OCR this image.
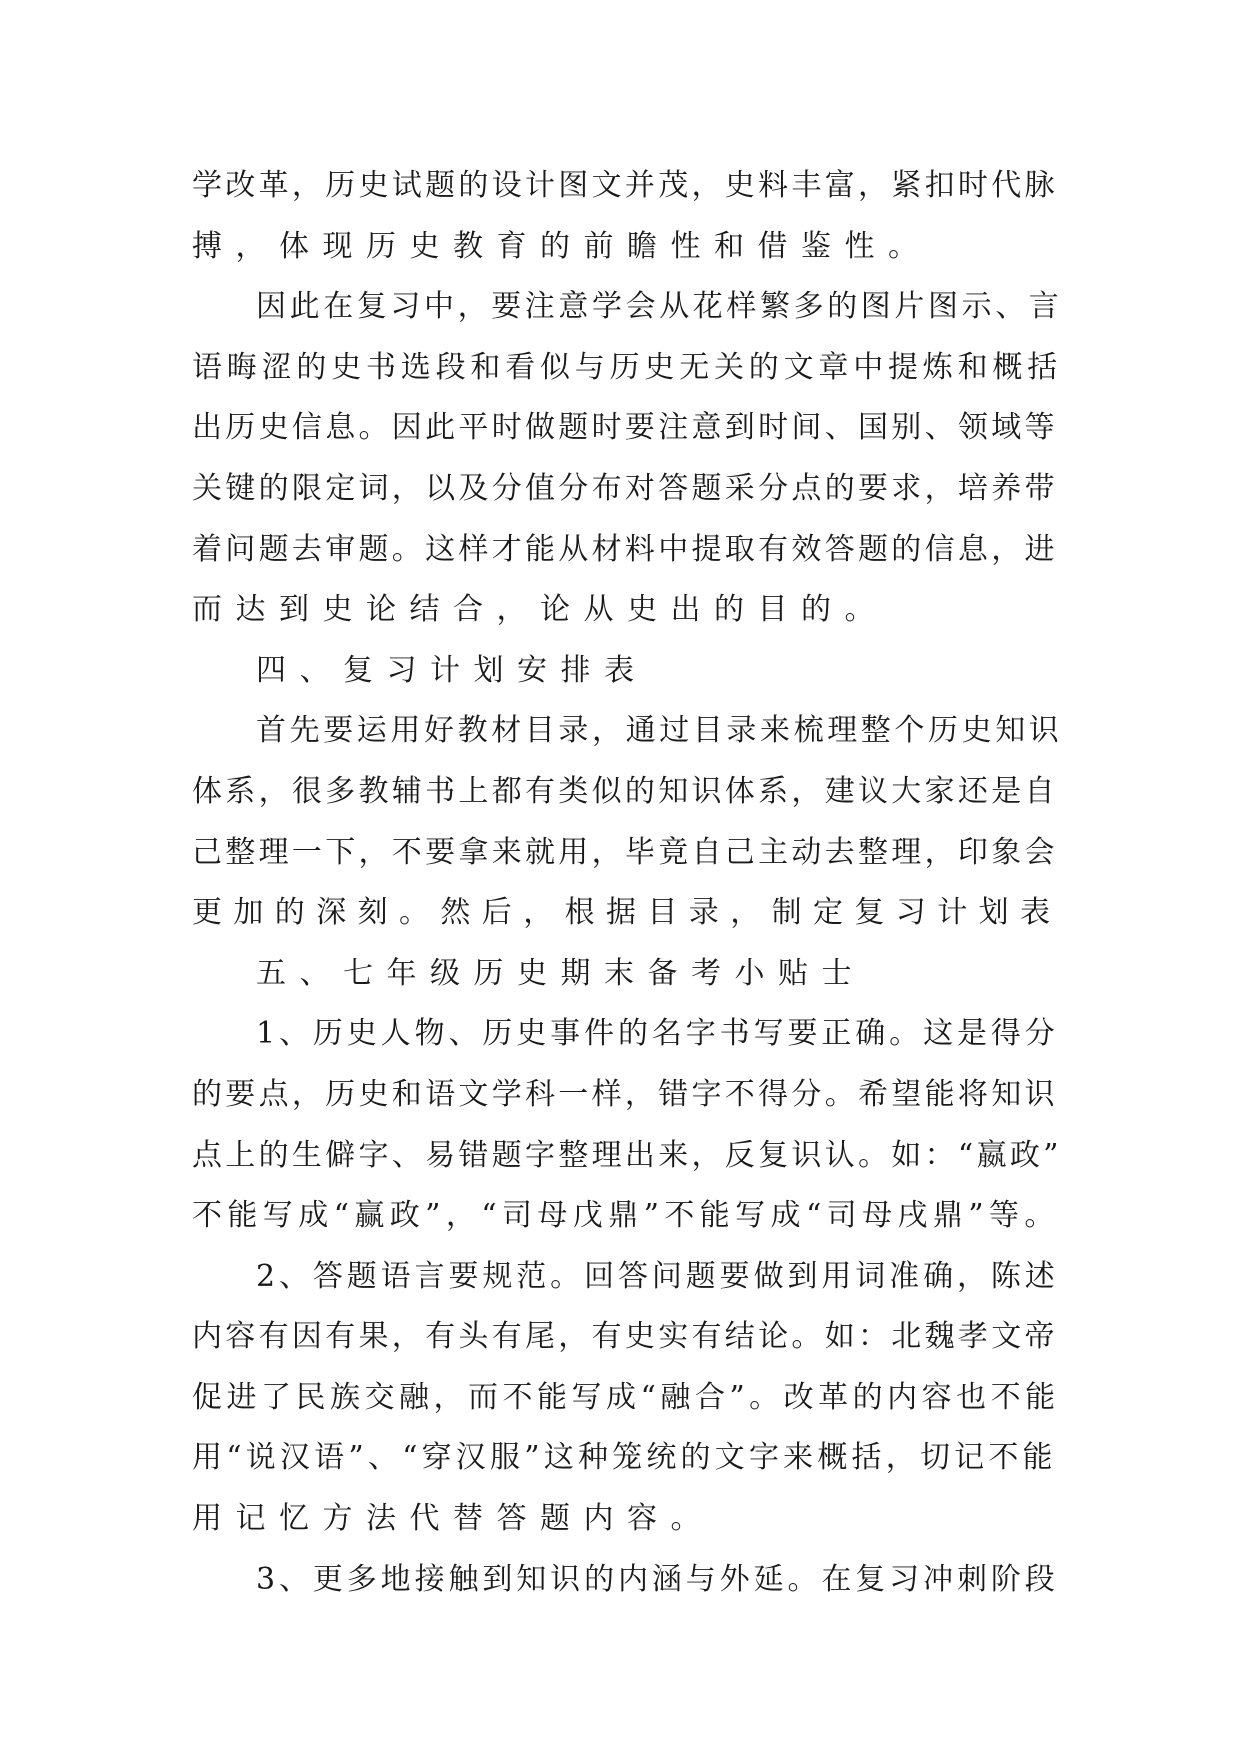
学改革，历史试题的设计图文并茂，史料丰富，紧扣时代脉
搏，体现历史教育的前瞻性和借鉴性。
因此在复习中，要注意学会从花样繁多的图片图示、言
语晦涩的史书选段和看似与历史无关的文章中提炼和概括
出历史信息。因此平时做题时要注意到时间、国别、领域等
关键的限定词，以及分值分布对答题采分点的要求，培养带
着问题去审题。这样才能从材料中提取有效答题的信息，进
而达到史论结合，论从史出的目的。
四、复习计划安排表
首先要运用好教材目录，通过目录来梳理整个历史知识
体系，很多教辅书上都有类似的知识体系，建议大家还是自
己整理一下，不要拿来就用，毕竟自己主动去整理，印象会
更加的深刻。然后，根据目录，制定复习计划表
五、七年级历史期末备考小贴士
1、历史人物、历史事件的名字书写要正确。这是得分
的要点，历史和语文学科一样，错字不得分。希望能将知识
点上的生僻字、易错题字整理出来，反复识认。如：“嬴政”
不能写成“赢政”，“司母戊鼎”不能写成“司母戌鼎”等。
2、答题语言要规范。回答问题要做到用词准确，陈述
内容有因有果，有头有尾，有史实有结论。如：北魏孝文帝
促进了民族交融，而不能写成“融合”。改革的内容也不能
用“说汉语”、“穿汉服”这种笼统的文字来概括，切记不能
用记忆方法代替答题内容。
3、更多地接触到知识的内涵与外延。在复习冲刺阶段
